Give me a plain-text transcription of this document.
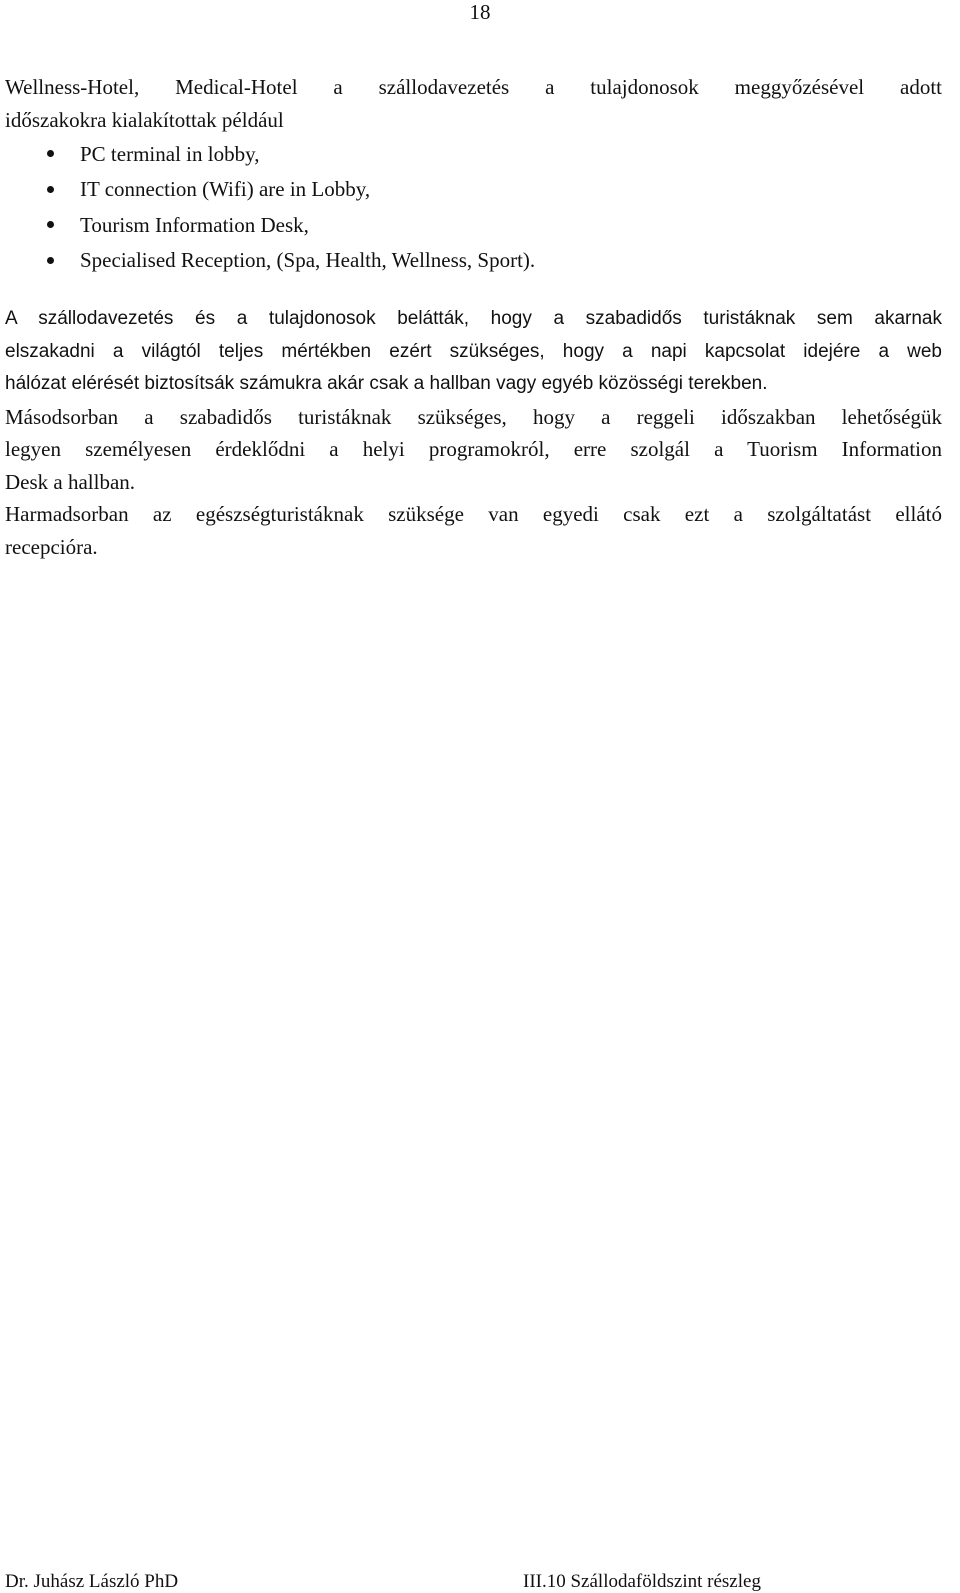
18
Wellness-Hotel, Medical-Hotel a szállodavezetés a tulajdonosok meggyőzésével adott
időszakokra kialakítottak például
PC terminal in lobby,
IT connection (Wifi) are in Lobby,
Tourism Information Desk,
Specialised Reception, (Spa, Health, Wellness, Sport).
A szállodavezetés és a tulajdonosok belátták, hogy a szabadidős turistáknak sem akarnak
elszakadni a világtól teljes mértékben ezért szükséges, hogy a napi kapcsolat idejére a web
hálózat elérését biztosítsák számukra akár csak a hallban vagy egyéb közösségi terekben.
Másodsorban a szabadidős turistáknak szükséges, hogy a reggeli időszakban lehetőségük
legyen személyesen érdeklődni a helyi programokról, erre szolgál a Tuorism Information
Desk a hallban.
Harmadsorban az egészségturistáknak szüksége van egyedi csak ezt a szolgáltatást ellátó
recepcióra.
Dr. Juhász László PhD	III.10 Szállodaföldszint részleg
